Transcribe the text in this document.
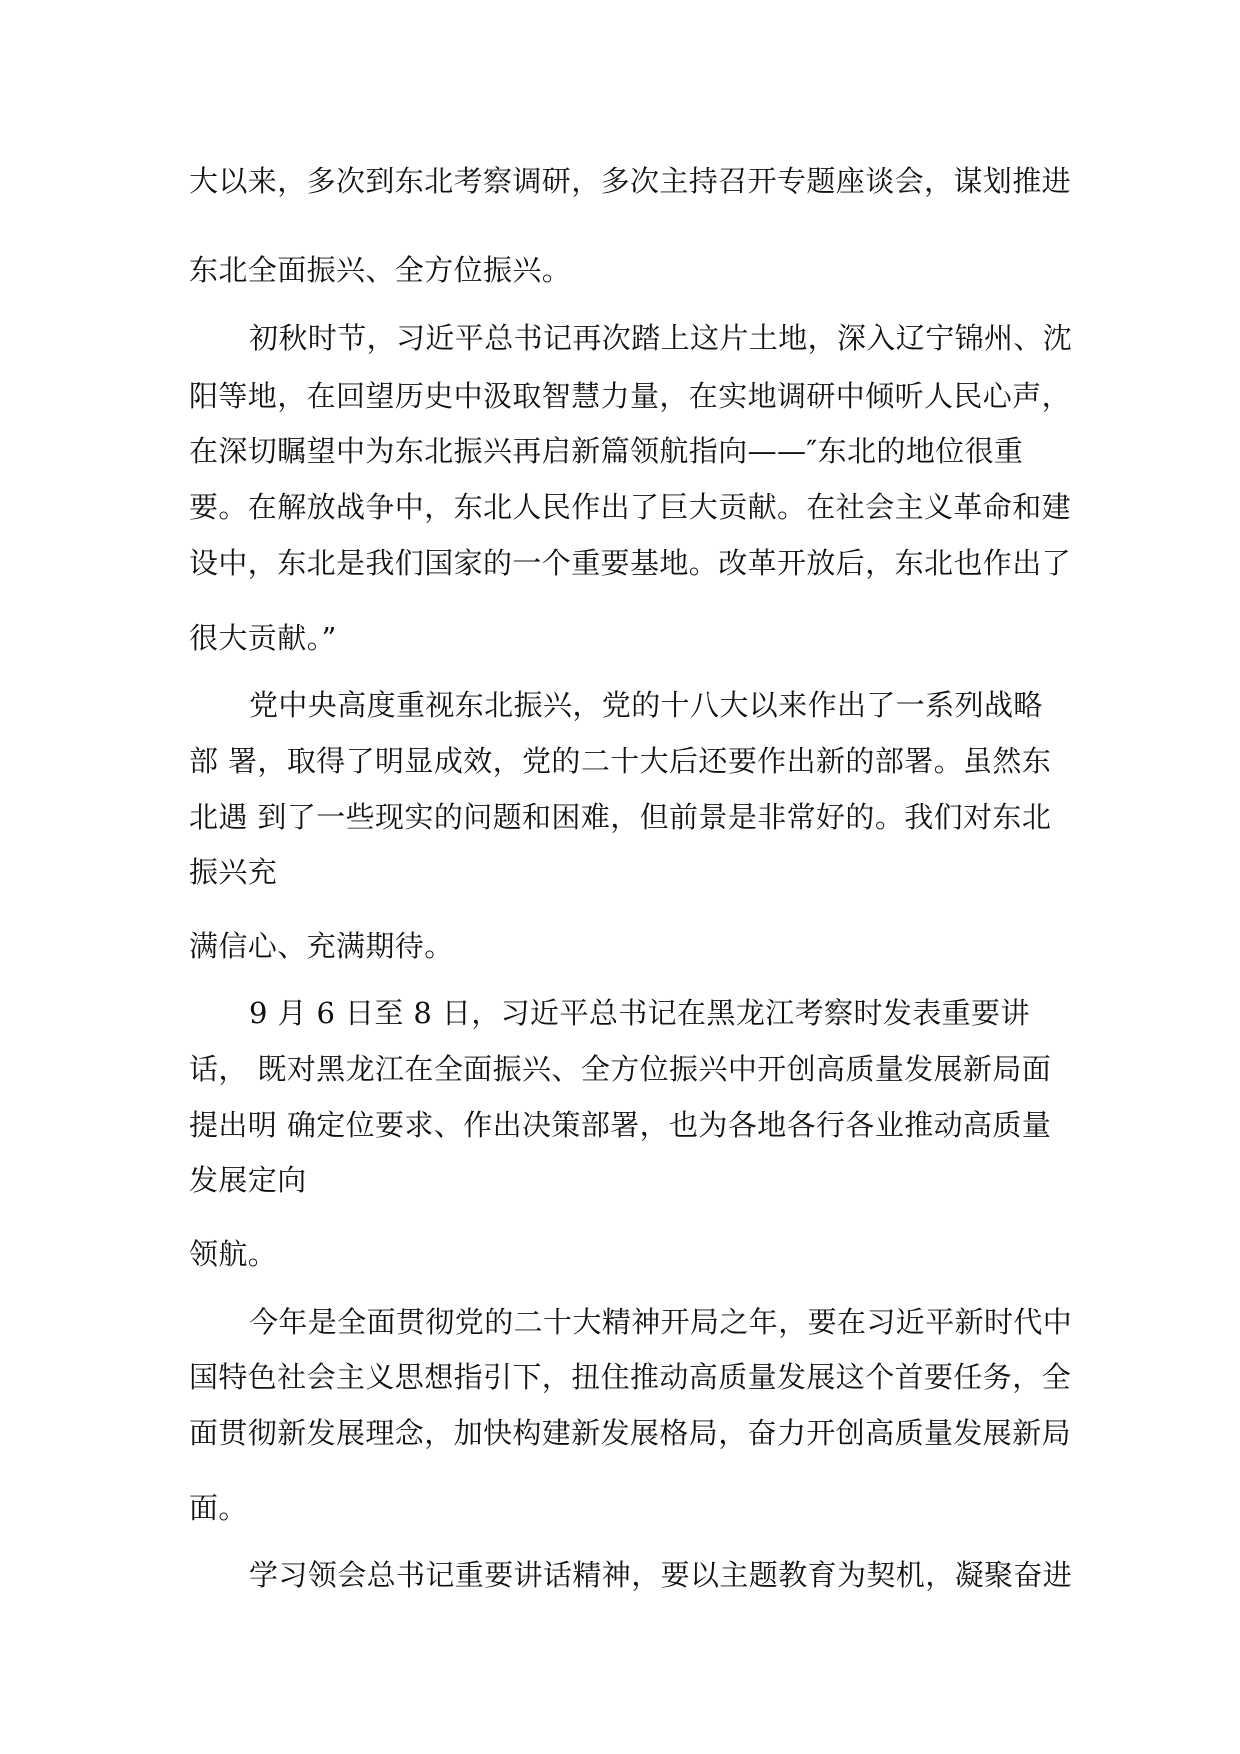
大以来，多次到东北考察调研，多次主持召开专题座谈会，谋划推进
东北全面振兴、全方位振兴。
初秋时节，习近平总书记再次踏上这片土地，深入辽宁锦州、沈
阳等地，在回望历史中汲取智慧力量，在实地调研中倾听人民心声，
在深切瞩望中为东北振兴再启新篇领航指向——″东北的地位很重
要。在解放战争中，东北人民作出了巨大贡献。在社会主义革命和建
设中，东北是我们国家的一个重要基地。改革开放后，东北也作出了
很大贡献。”
党中央高度重视东北振兴，党的十八大以来作出了一系列战略
部 署，取得了明显成效，党的二十大后还要作出新的部署。虽然东
北遇 到了一些现实的问题和困难，但前景是非常好的。我们对东北
振兴充
满信心、充满期待。
9 月 6 日至 8 日，习近平总书记在黑龙江考察时发表重要讲
话， 既对黑龙江在全面振兴、全方位振兴中开创高质量发展新局面
提出明 确定位要求、作出决策部署，也为各地各行各业推动高质量
发展定向
领航。
今年是全面贯彻党的二十大精神开局之年，要在习近平新时代中
国特色社会主义思想指引下，扭住推动高质量发展这个首要任务，全
面贯彻新发展理念，加快构建新发展格局，奋力开创高质量发展新局
面。
学习领会总书记重要讲话精神，要以主题教育为契机，凝聚奋进
